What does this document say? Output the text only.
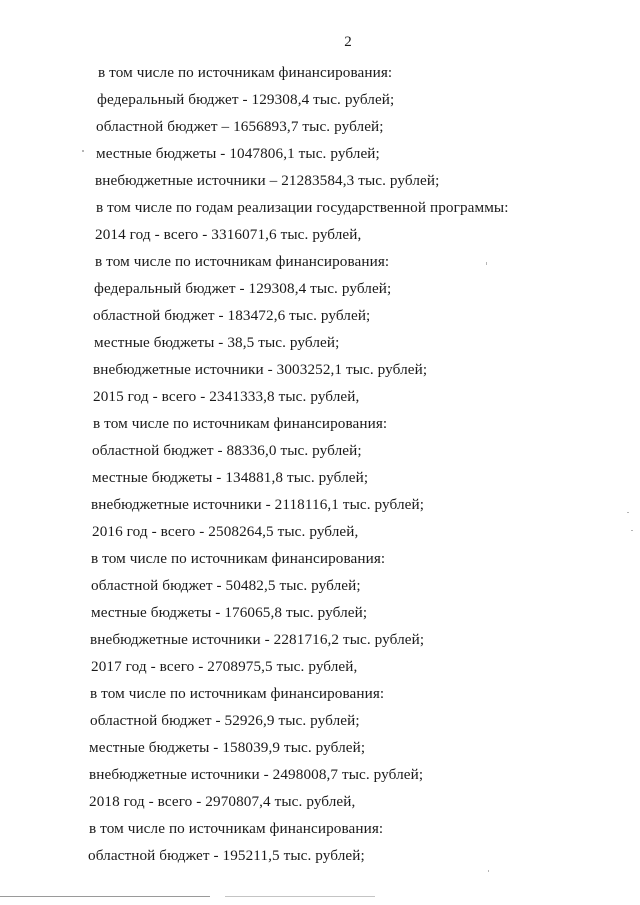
2
в том числе по источникам финансирования:
федеральный бюджет - 129308,4 тыс. рублей;
областной бюджет – 1656893,7 тыс. рублей;
местные бюджеты - 1047806,1 тыс. рублей;
внебюджетные источники – 21283584,3 тыс. рублей;
в том числе по годам реализации государственной программы:
2014 год - всего - 3316071,6 тыс. рублей,
в том числе по источникам финансирования:
федеральный бюджет - 129308,4 тыс. рублей;
областной бюджет - 183472,6 тыс. рублей;
местные бюджеты - 38,5 тыс. рублей;
внебюджетные источники - 3003252,1 тыс. рублей;
2015 год - всего - 2341333,8 тыс. рублей,
в том числе по источникам финансирования:
областной бюджет - 88336,0 тыс. рублей;
местные бюджеты - 134881,8 тыс. рублей;
внебюджетные источники - 2118116,1 тыс. рублей;
2016 год - всего - 2508264,5 тыс. рублей,
в том числе по источникам финансирования:
областной бюджет - 50482,5 тыс. рублей;
местные бюджеты - 176065,8 тыс. рублей;
внебюджетные источники - 2281716,2 тыс. рублей;
2017 год - всего - 2708975,5 тыс. рублей,
в том числе по источникам финансирования:
областной бюджет - 52926,9 тыс. рублей;
местные бюджеты - 158039,9 тыс. рублей;
внебюджетные источники - 2498008,7 тыс. рублей;
2018 год - всего - 2970807,4 тыс. рублей,
в том числе по источникам финансирования:
областной бюджет - 195211,5 тыс. рублей;
